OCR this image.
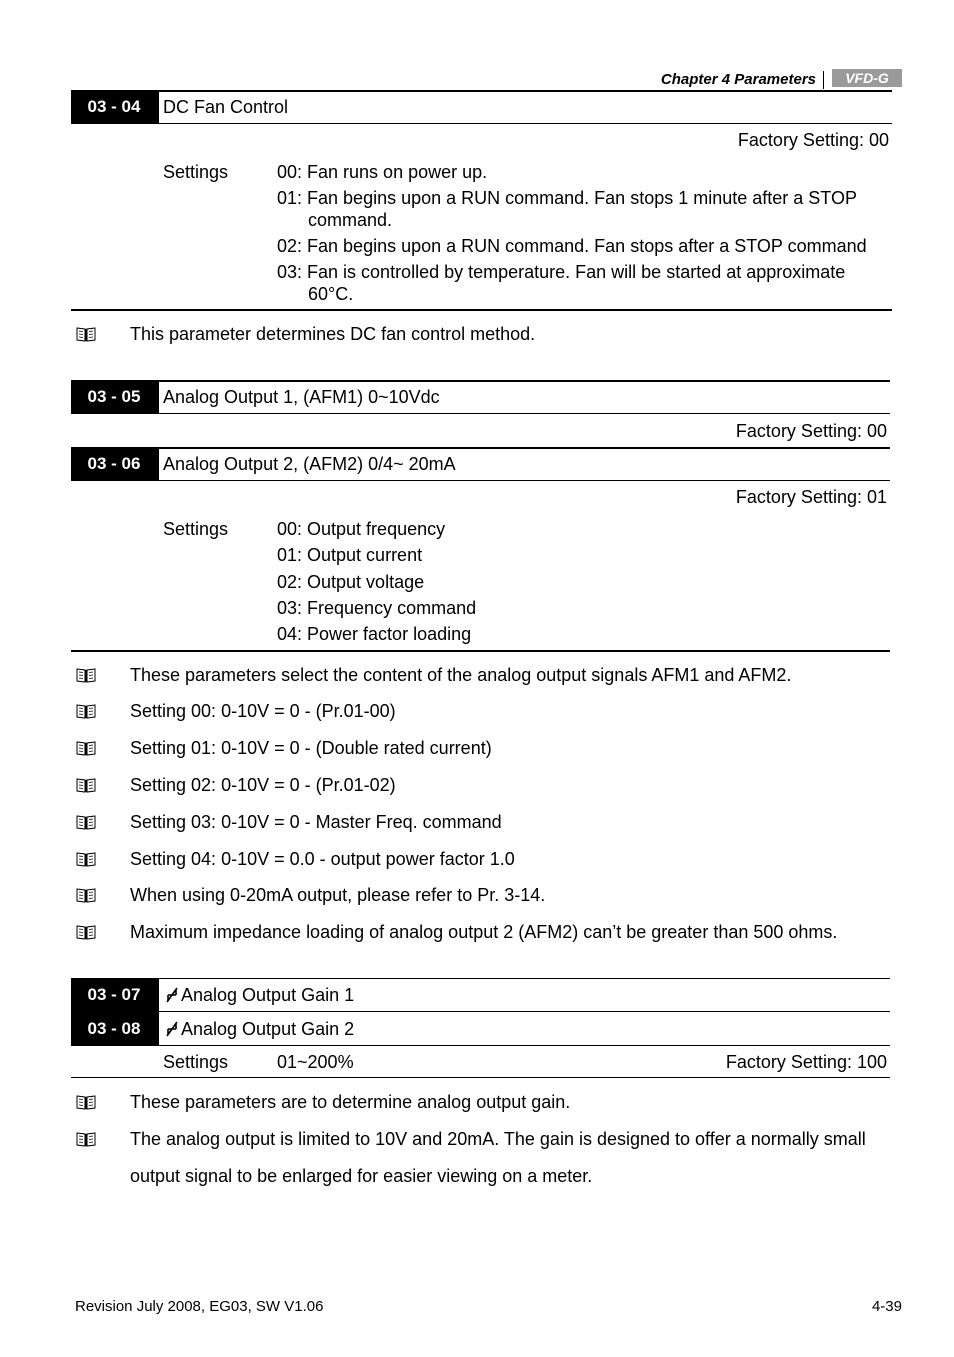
Chapter 4 Parameters VFD-G
03 - 04	DC Fan Control
Factory Setting: 00
Settings	00: Fan runs on power up.
01: Fan begins upon a RUN command. Fan stops 1 minute after a STOP
command.
02: Fan begins upon a RUN command. Fan stops after a STOP command
03: Fan is controlled by temperature. Fan will be started at approximate
60°C.
This parameter determines DC fan control method.
03 - 05	Analog Output 1, (AFM1) 0~10Vdc
Factory Setting: 00
03 - 06	Analog Output 2, (AFM2) 0/4~ 20mA
Factory Setting: 01
Settings	00: Output frequency
01: Output current
02: Output voltage
03: Frequency command
04: Power factor loading
These parameters select the content of the analog output signals AFM1 and AFM2.
Setting 00: 0-10V = 0 - (Pr.01-00)
Setting 01: 0-10V = 0 - (Double rated current)
Setting 02: 0-10V = 0 - (Pr.01-02)
Setting 03: 0-10V = 0 - Master Freq. command
Setting 04: 0-10V = 0.0 - output power factor 1.0
When using 0-20mA output, please refer to Pr. 3-14.
Maximum impedance loading of analog output 2 (AFM2) can’t be greater than 500 ohms.
03 - 07	Analog Output Gain 1
03 - 08	Analog Output Gain 2
Settings	01~200%	Factory Setting: 100
These parameters are to determine analog output gain.
The analog output is limited to 10V and 20mA. The gain is designed to offer a normally small
output signal to be enlarged for easier viewing on a meter.
Revision July 2008, EG03, SW V1.06	4-39
